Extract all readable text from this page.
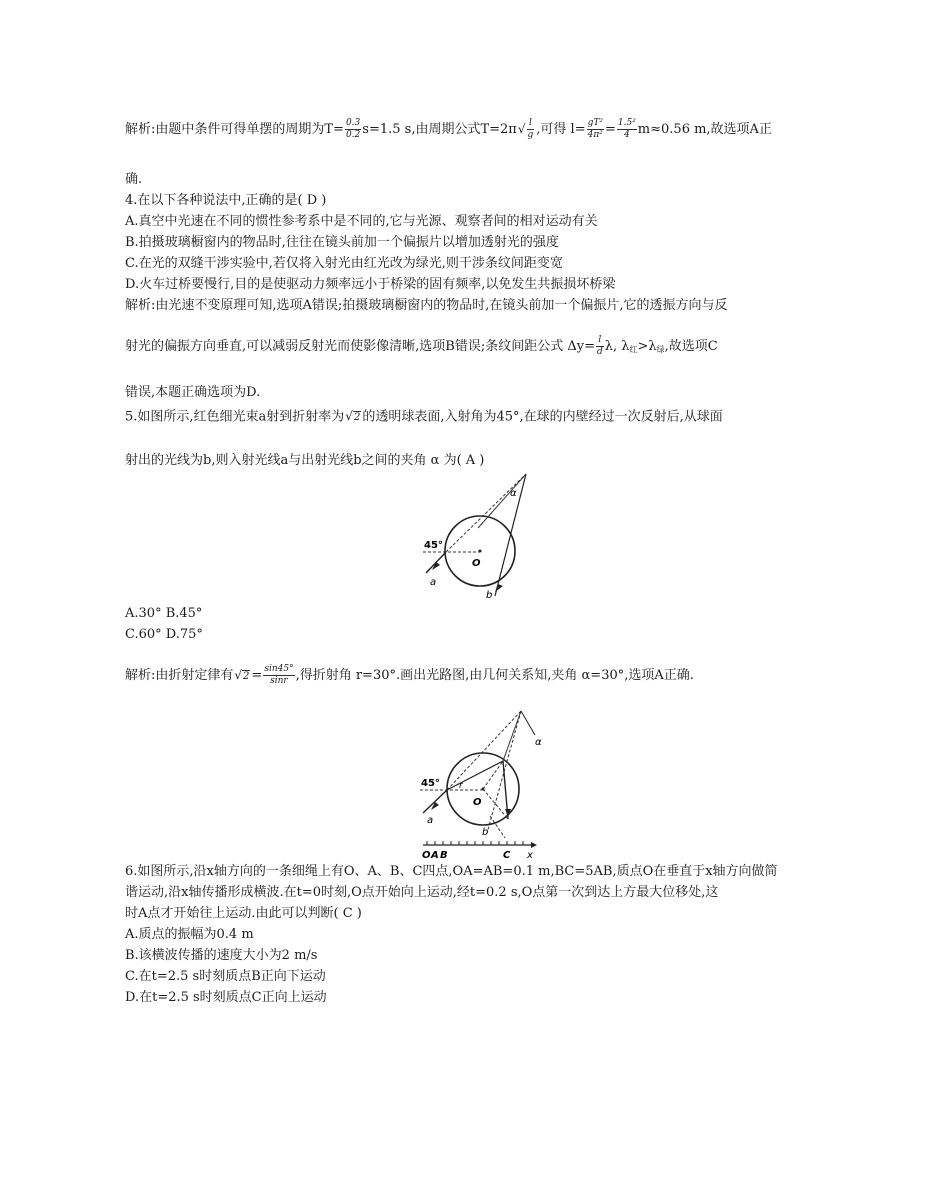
解析:由题中条件可得单摆的周期为$T= \frac{0.3}{0.2} s=1.5$ s,由周期公式$T=2\pi√ \frac{l}{g}$ ,可得 $l= \frac{\text{gT²}}{\text{4π²}} = \frac{\text{1.5²}}{4} m\approx 0.56$ m,故选项A正
确.
4.在以下各种说法中,正确的是( D )
A.真空中光速在不同的惯性参考系中是不同的,它与光源、观察者间的相对运动有关
B.拍摄玻璃橱窗内的物品时,往往在镜头前加一个偏振片以增加透射光的强度
C.在光的双缝干涉实验中,若仅将入射光由红光改为绿光,则干涉条纹间距变宽
D.火车过桥要慢行,目的是使驱动力频率远小于桥梁的固有频率,以免发生共振损坏桥梁
解析:由光速不变原理可知,选项A错误;拍摄玻璃橱窗内的物品时,在镜头前加一个偏振片,它的透振方向与反
射光的偏振方向垂直,可以减弱反射光而使影像清晰,选项B错误;条纹间距公式 $\Delta y= \frac{l}{d} \lambda$, $\lambda_红>\lambda_绿$,故选项C
错误,本题正确选项为D.
5.如图所示,红色细光束a射到折射率为√2 的透明球表面,入射角为45°,在球的内壁经过一次反射后,从球面
射出的光线为b,则入射光线a与出射光线b之间的夹角 α 为( A )
45°
O
a
b
α
A.30° B.45°
C.60° D.75°
解析:由折射定律有$√2 = \frac{\sin 45^\circ}{\sin r}$ ,得折射角 r=30°.画出光路图,由几何关系知,夹角 α=30°,选项A正确.
45° r
O
a
b
α
O A B	C x
6.如图所示,沿x轴方向的一条细绳上有O、A、B、C四点,OA=AB=0.1 m,BC=5AB,质点O在垂直于x轴方向做简
谐运动,沿x轴传播形成横波.在t=0时刻,O点开始向上运动,经t=0.2 s,O点第一次到达上方最大位移处,这
时A点才开始往上运动.由此可以判断( C )
A.质点的振幅为0.4 m
B.该横波传播的速度大小为2 m/s
C.在t=2.5 s时刻质点B正向下运动
D.在t=2.5 s时刻质点C正向上运动
